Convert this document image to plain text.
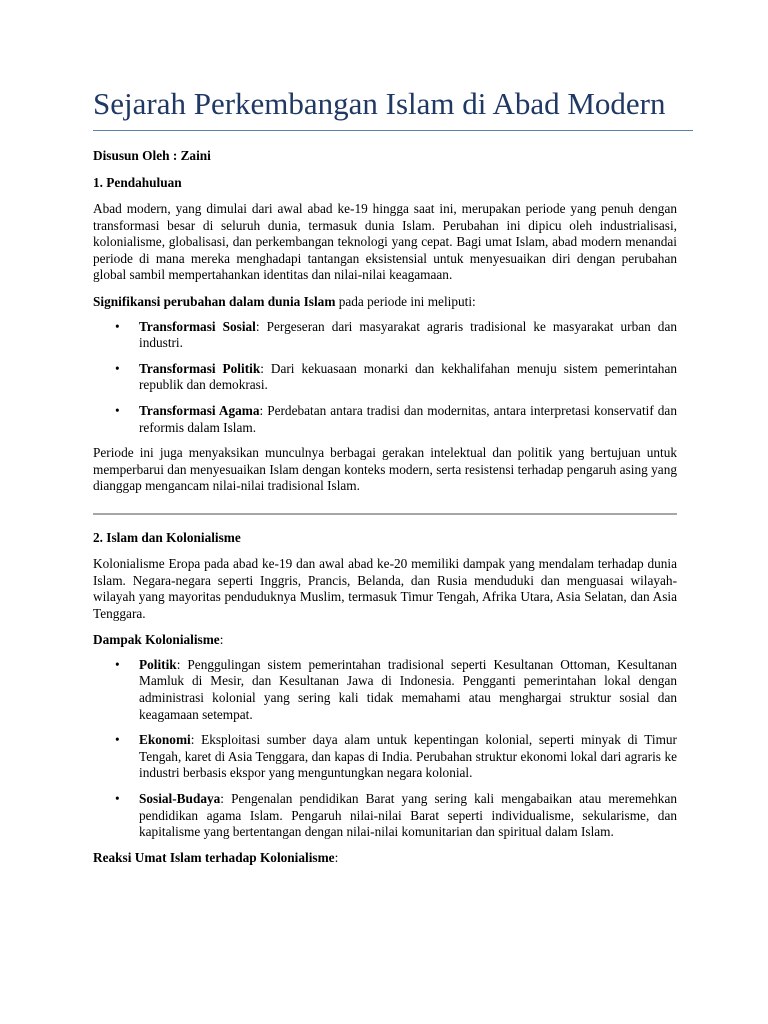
Sejarah Perkembangan Islam di Abad Modern
Disusun Oleh : Zaini
1. Pendahuluan

Abad modern, yang dimulai dari awal abad ke-19 hingga saat ini, merupakan periode yang penuh dengan transformasi besar di seluruh dunia, termasuk dunia Islam. Perubahan ini dipicu oleh industrialisasi, kolonialisme, globalisasi, dan perkembangan teknologi yang cepat. Bagi umat Islam, abad modern menandai periode di mana mereka menghadapi tantangan eksistensial untuk menyesuaikan diri dengan perubahan global sambil mempertahankan identitas dan nilai-nilai keagamaan.

Signifikansi perubahan dalam dunia Islam pada periode ini meliputi:

• Transformasi Sosial: Pergeseran dari masyarakat agraris tradisional ke masyarakat urban dan industri.
• Transformasi Politik: Dari kekuasaan monarki dan kekhalifahan menuju sistem pemerintahan republik dan demokrasi.
• Transformasi Agama: Perdebatan antara tradisi dan modernitas, antara interpretasi konservatif dan reformis dalam Islam.

Periode ini juga menyaksikan munculnya berbagai gerakan intelektual dan politik yang bertujuan untuk memperbarui dan menyesuaikan Islam dengan konteks modern, serta resistensi terhadap pengaruh asing yang dianggap mengancam nilai-nilai tradisional Islam.

2. Islam dan Kolonialisme

Kolonialisme Eropa pada abad ke-19 dan awal abad ke-20 memiliki dampak yang mendalam terhadap dunia Islam. Negara-negara seperti Inggris, Prancis, Belanda, dan Rusia menduduki dan menguasai wilayah-wilayah yang mayoritas penduduknya Muslim, termasuk Timur Tengah, Afrika Utara, Asia Selatan, dan Asia Tenggara.

Dampak Kolonialisme:

• Politik: Penggulingan sistem pemerintahan tradisional seperti Kesultanan Ottoman, Kesultanan Mamluk di Mesir, dan Kesultanan Jawa di Indonesia. Pengganti pemerintahan lokal dengan administrasi kolonial yang sering kali tidak memahami atau menghargai struktur sosial dan keagamaan setempat.
• Ekonomi: Eksploitasi sumber daya alam untuk kepentingan kolonial, seperti minyak di Timur Tengah, karet di Asia Tenggara, dan kapas di India. Perubahan struktur ekonomi lokal dari agraris ke industri berbasis ekspor yang menguntungkan negara kolonial.
• Sosial-Budaya: Pengenalan pendidikan Barat yang sering kali mengabaikan atau meremehkan pendidikan agama Islam. Pengaruh nilai-nilai Barat seperti individualisme, sekularisme, dan kapitalisme yang bertentangan dengan nilai-nilai komunitarian dan spiritual dalam Islam.

Reaksi Umat Islam terhadap Kolonialisme:
